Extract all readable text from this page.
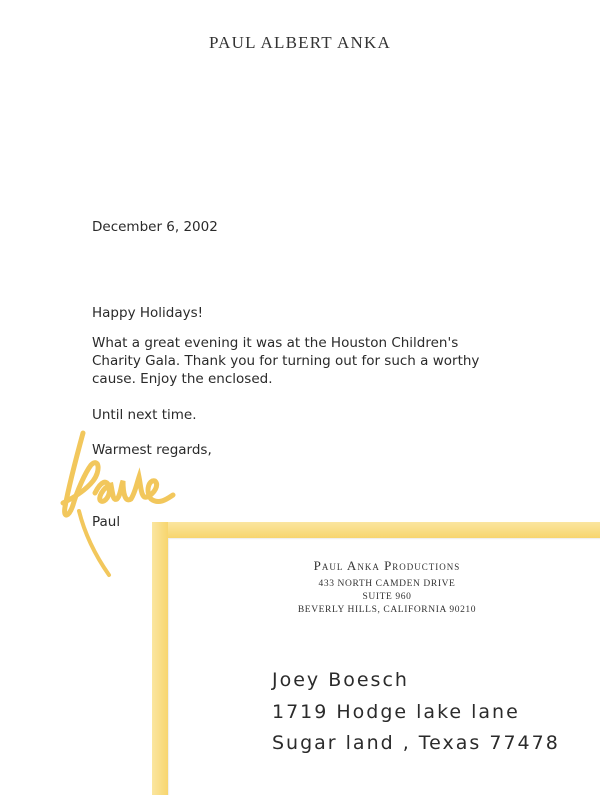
PAUL ALBERT ANKA
December 6, 2002
Happy Holidays!
What a great evening it was at the Houston Children's Charity Gala. Thank you for turning out for such a worthy cause. Enjoy the enclosed.
Until next time.
Warmest regards,
Paul
Paul Anka Productions
433 NORTH CAMDEN DRIVE
SUITE 960
BEVERLY HILLS, CALIFORNIA 90210
Joey Boesch
1719 Hodge lake lane
Sugar land , Texas 77478
